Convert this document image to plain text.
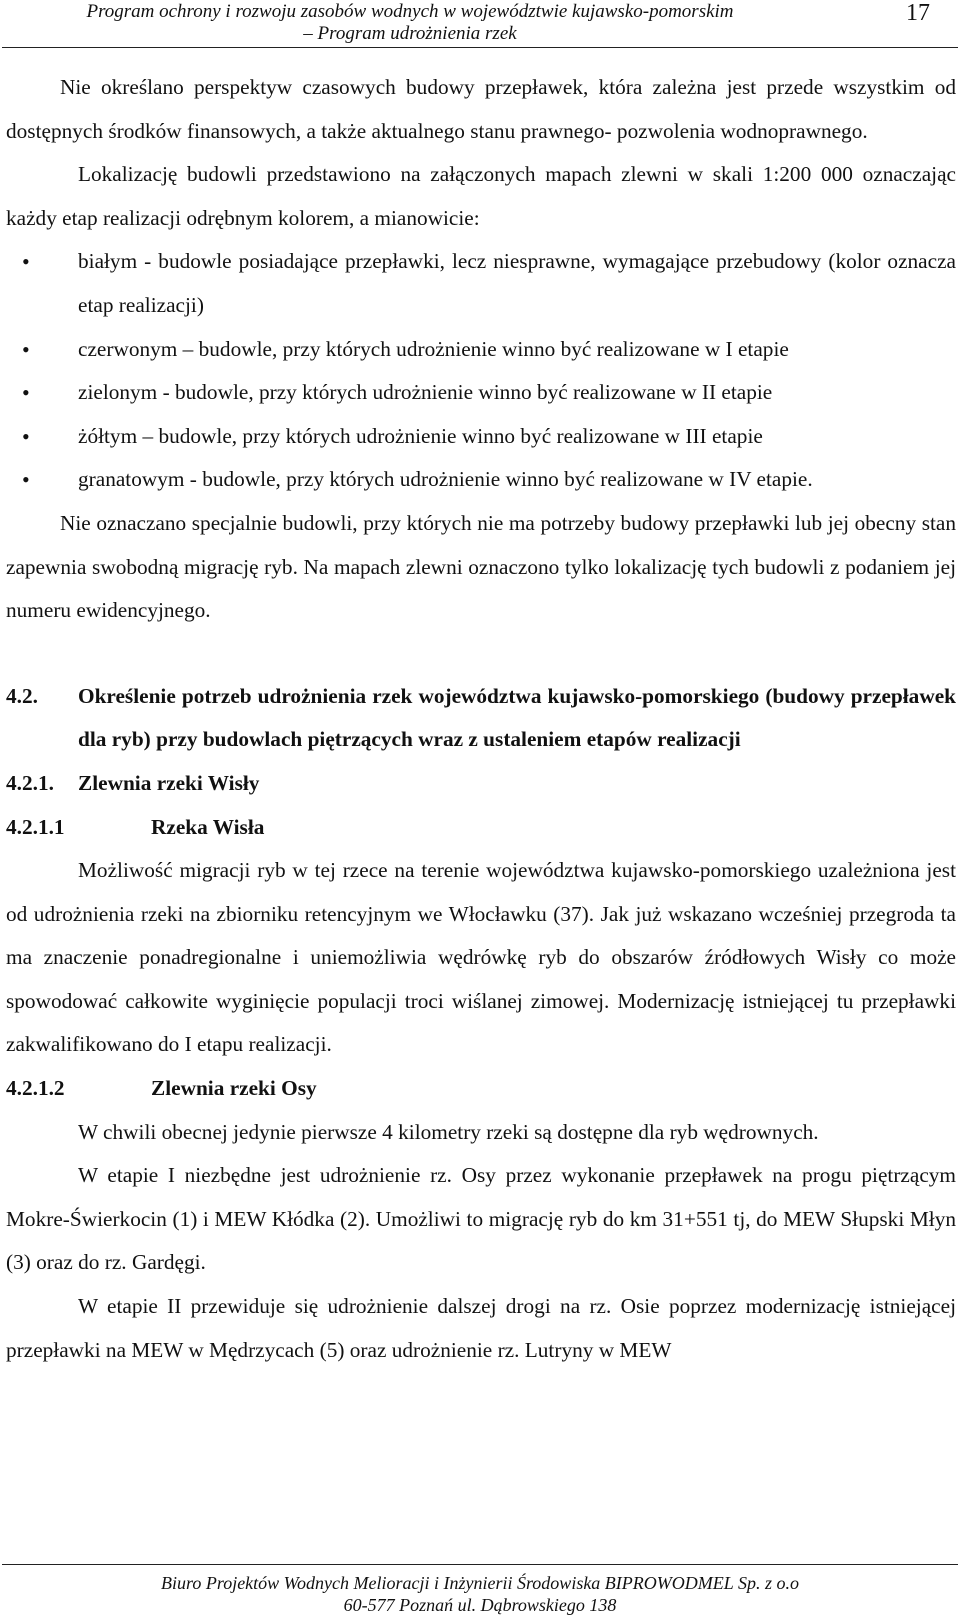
Program ochrony i rozwoju zasobów wodnych w województwie kujawsko-pomorskim
– Program udrożnienia rzek
17

Nie określano perspektyw czasowych budowy przepławek, która zależna jest przede wszystkim od dostępnych środków finansowych, a także aktualnego stanu prawnego- pozwolenia wodnoprawnego.

Lokalizację budowli przedstawiono na załączonych mapach zlewni w skali 1:200 000 oznaczając każdy etap realizacji odrębnym kolorem, a mianowicie:

• białym - budowle posiadające przepławki, lecz niesprawne, wymagające przebudowy (kolor oznacza etap realizacji)
• czerwonym – budowle, przy których udrożnienie winno być realizowane w I etapie
• zielonym - budowle, przy których udrożnienie winno być realizowane w II etapie
• żółtym – budowle, przy których udrożnienie winno być realizowane w III etapie
• granatowym - budowle, przy których udrożnienie winno być realizowane w IV etapie.

Nie oznaczano specjalnie budowli, przy których nie ma potrzeby budowy przepławki lub jej obecny stan zapewnia swobodną migrację ryb. Na mapach zlewni oznaczono tylko lokalizację tych budowli z podaniem jej numeru ewidencyjnego.

4.2.	Określenie potrzeb udrożnienia rzek województwa kujawsko-pomorskiego (budowy przepławek dla ryb) przy budowlach piętrzących wraz z ustaleniem etapów realizacji
4.2.1.	Zlewnia rzeki Wisły
4.2.1.1	Rzeka Wisła

Możliwość migracji ryb w tej rzece na terenie województwa kujawsko-pomorskiego uzależniona jest od udrożnienia rzeki na zbiorniku retencyjnym we Włocławku (37). Jak już wskazano wcześniej przegroda ta ma znaczenie ponadregionalne i uniemożliwia wędrówkę ryb do obszarów źródłowych Wisły co może spowodować całkowite wyginięcie populacji troci wiślanej zimowej. Modernizację istniejącej tu przepławki zakwalifikowano do I etapu realizacji.

4.2.1.2	Zlewnia rzeki Osy

W chwili obecnej jedynie pierwsze 4 kilometry rzeki są dostępne dla ryb wędrownych.

W etapie I niezbędne jest udrożnienie rz. Osy przez wykonanie przepławek na progu piętrzącym Mokre-Świerkocin (1) i MEW Kłódka (2). Umożliwi to migrację ryb do km 31+551 tj, do MEW Słupski Młyn (3) oraz do rz. Gardęgi.

W etapie II przewiduje się udrożnienie dalszej drogi na rz. Osie poprzez modernizację istniejącej przepławki na MEW w Mędrzycach (5) oraz udrożnienie rz. Lutryny w MEW

Biuro Projektów Wodnych Melioracji i Inżynierii Środowiska BIPROWODMEL Sp. z o.o
60-577 Poznań ul. Dąbrowskiego 138
